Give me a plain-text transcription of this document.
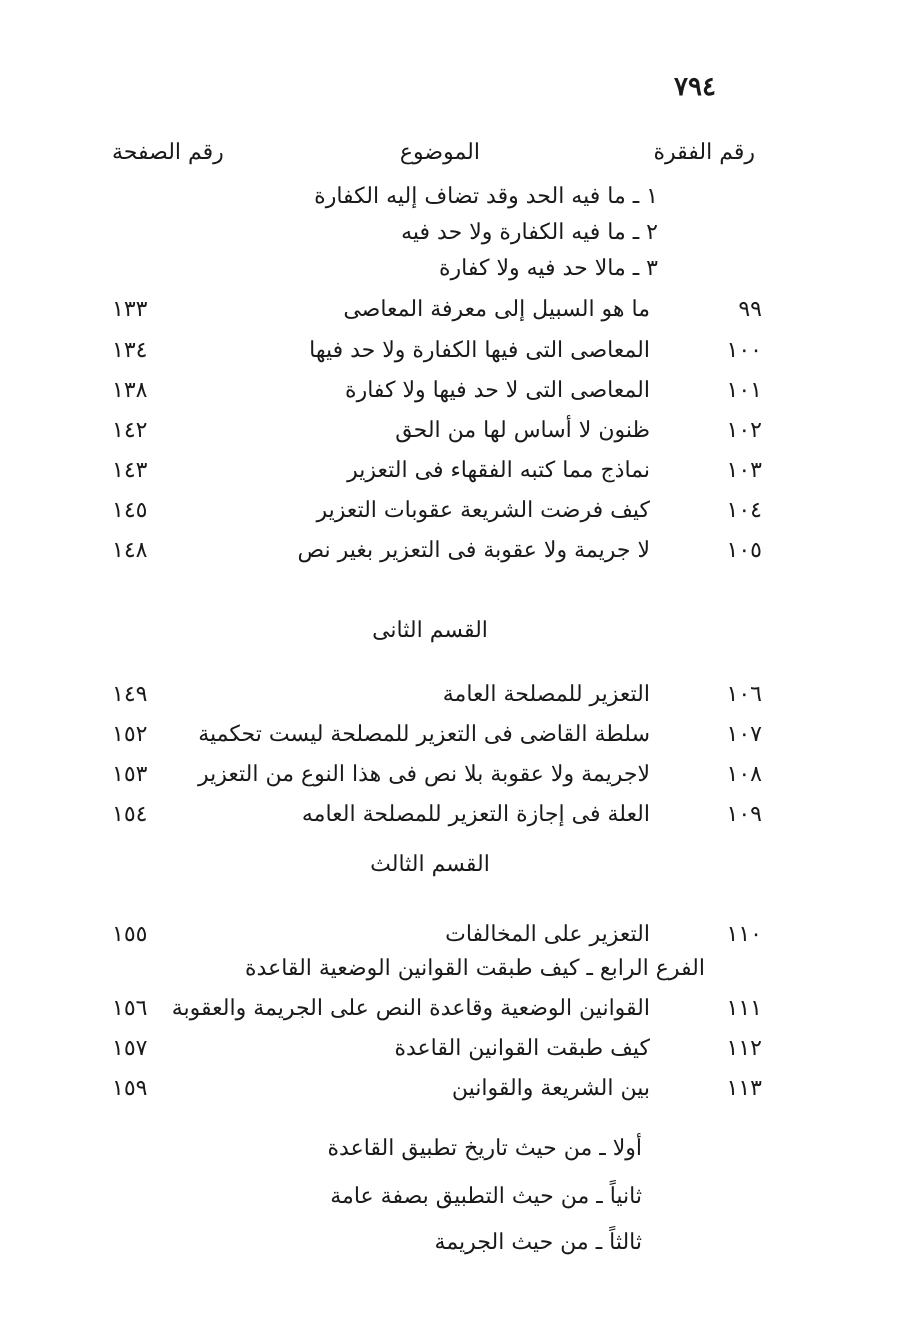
٧٩٤
رقم الفقرة
الموضوع
رقم الصفحة
١ ـ ما فيه الحد وقد تضاف إليه الكفارة
٢ ـ ما فيه الكفارة ولا حد فيه
٣ ـ مالا حد فيه ولا كفارة
٩٩
ما هو السبيل إلى معرفة المعاصى
١٣٣
١٠٠
المعاصى التى فيها الكفارة ولا حد فيها
١٣٤
١٠١
المعاصى التى لا حد فيها ولا كفارة
١٣٨
١٠٢
ظنون لا أساس لها من الحق
١٤٢
١٠٣
نماذج مما كتبه الفقهاء فى التعزير
١٤٣
١٠٤
كيف فرضت الشريعة عقوبات التعزير
١٤٥
١٠٥
لا جريمة ولا عقوبة فى التعزير بغير نص
١٤٨
القسم الثانى
١٠٦
التعزير للمصلحة العامة
١٤٩
١٠٧
سلطة القاضى فى التعزير للمصلحة ليست تحكمية
١٥٢
١٠٨
لاجريمة ولا عقوبة بلا نص فى هذا النوع من التعزير
١٥٣
١٠٩
العلة فى إجازة التعزير للمصلحة العامه
١٥٤
القسم الثالث
١١٠
التعزير على المخالفات
١٥٥
الفرع الرابع ـ كيف طبقت القوانين الوضعية القاعدة
١١١
القوانين الوضعية وقاعدة النص على الجريمة والعقوبة
١٥٦
١١٢
كيف طبقت القوانين القاعدة
١٥٧
١١٣
بين الشريعة والقوانين
١٥٩
أولا ـ من حيث تاريخ تطبيق القاعدة
ثانياً ـ من حيث التطبيق بصفة عامة
ثالثاً ـ من حيث الجريمة
